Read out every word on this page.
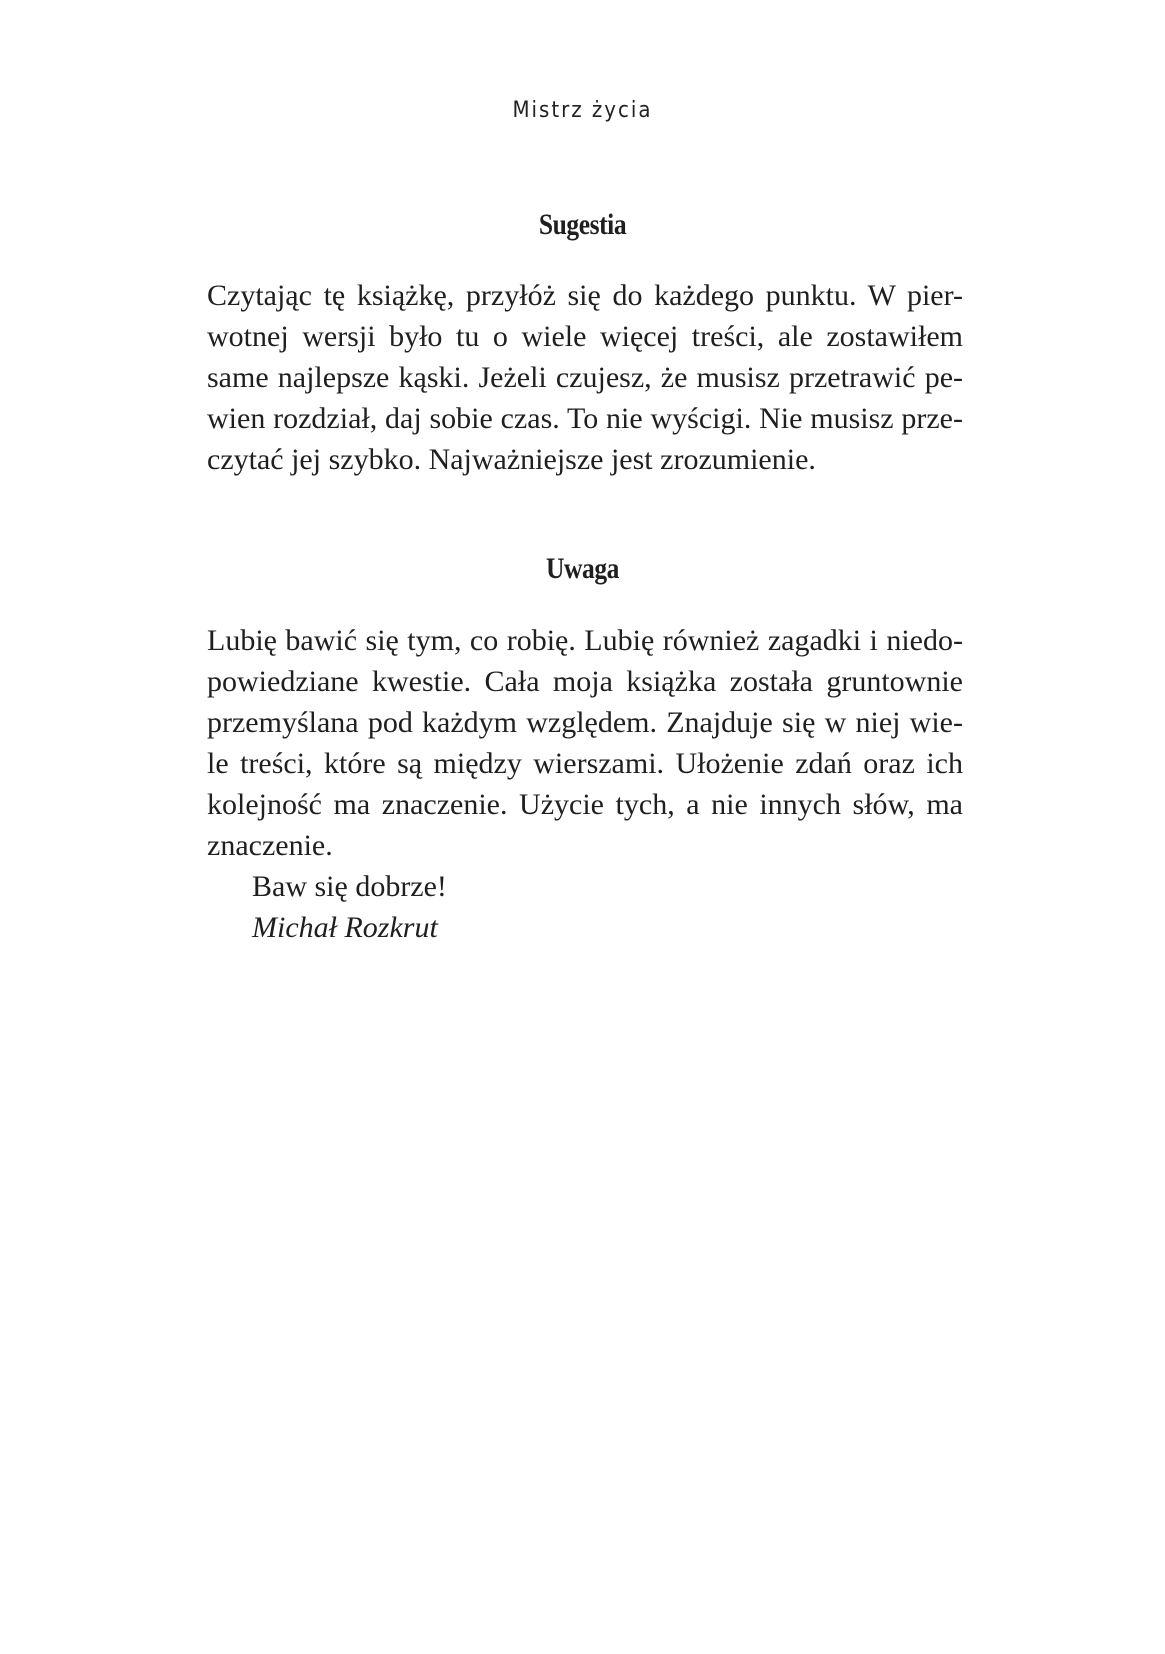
Mistrz życia

Sugestia
Czytając tę książkę, przyłóż się do każdego punktu. W pier-
wotnej wersji było tu o wiele więcej treści, ale zostawiłem
same najlepsze kąski. Jeżeli czujesz, że musisz przetrawić pe-
wien rozdział, daj sobie czas. To nie wyścigi. Nie musisz prze-
czytać jej szybko. Najważniejsze jest zrozumienie.
Uwaga
Lubię bawić się tym, co robię. Lubię również zagadki i niedo-
powiedziane kwestie. Cała moja książka została gruntownie
przemyślana pod każdym względem. Znajduje się w niej wie-
le treści, które są między wierszami. Ułożenie zdań oraz ich
kolejność ma znaczenie. Użycie tych, a nie innych słów, ma
znaczenie.
Baw się dobrze!
Michał Rozkrut
